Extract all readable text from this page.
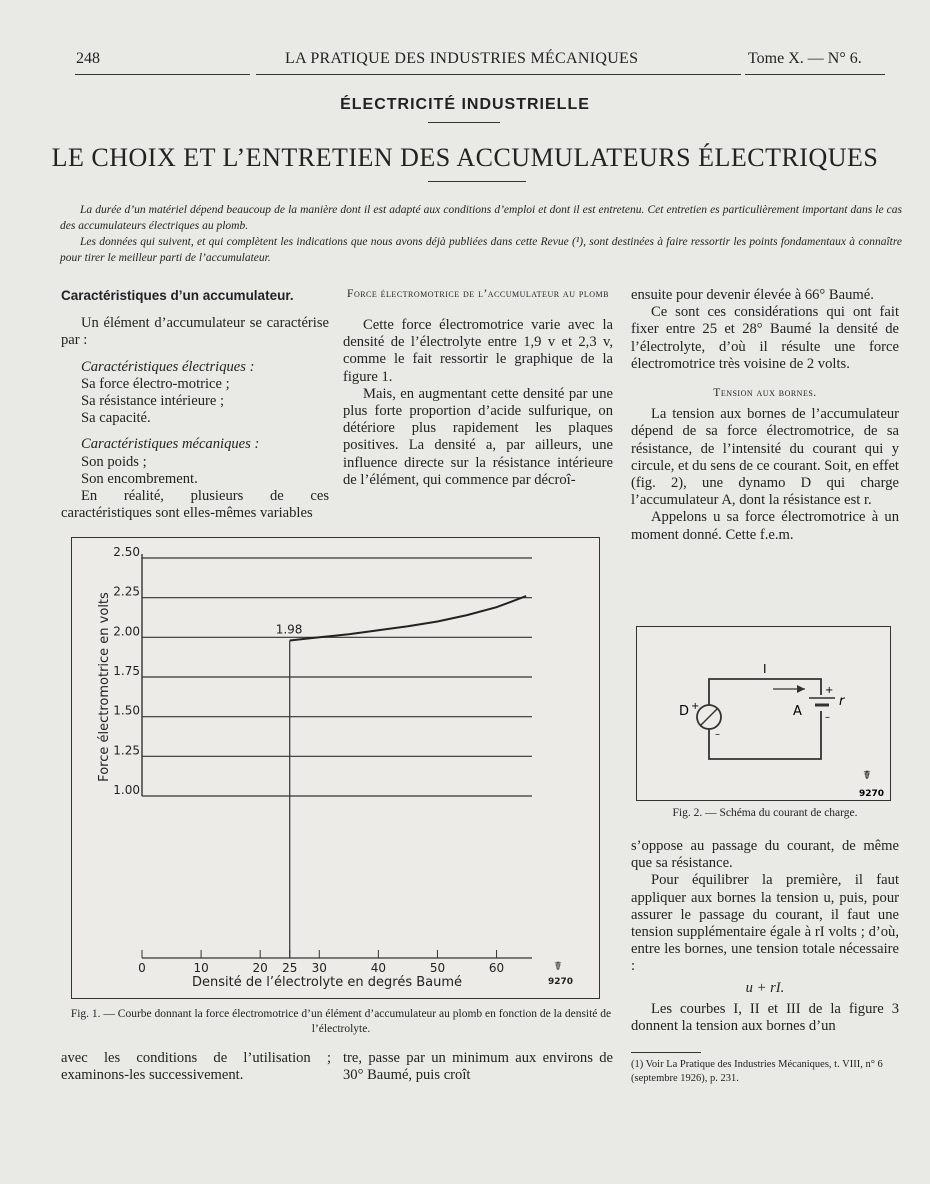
248	LA PRATIQUE DES INDUSTRIES MÉCANIQUES	Tome X. — N° 6.
ÉLECTRICITÉ INDUSTRIELLE
LE CHOIX ET L’ENTRETIEN DES ACCUMULATEURS ÉLECTRIQUES

La durée d’un matériel dépend beaucoup de la manière dont il est adapté aux conditions d’emploi et dont il est entretenu. Cet entretien es particulièrement important dans le cas des accumulateurs électriques au plomb.

Les données qui suivent, et qui complètent les indications que nous avons déjà publiées dans cette Revue (¹), sont destinées à faire ressortir les points fondamentaux à connaître pour tirer le meilleur parti de l’accumulateur.

Caractéristiques d’un accumulateur.

Un élément d’accumulateur se caractérise par :

Caractéristiques électriques :

Sa force électro-motrice ;

Sa résistance intérieure ;

Sa capacité.

Caractéristiques mécaniques :

Son poids ;

Son encombrement.

En réalité, plusieurs de ces caractéristiques sont elles-mêmes variables

Force électromotrice de l’accumulateur au plomb

Cette force électromotrice varie avec la densité de l’électrolyte entre 1,9 v et 2,3 v, comme le fait ressortir le graphique de la figure 1.

Mais, en augmentant cette densité par une plus forte proportion d’acide sulfurique, on détériore plus rapidement les plaques positives. La densité a, par ailleurs, une influence directe sur la résistance intérieure de l’élément, qui commence par décroî-

1.00
1.25
1.50
1.75
2.00
2.25
2.50
0	10	20 25 30	40	50	60
1.98
Densité de l’électrolyte en degrés Baumé
Force électromotrice en volts
☤
9270
Fig. 1. — Courbe donnant la force électromotrice d’un élément d’accumulateur au plomb en fonction de la densité de l’électrolyte.

avec les conditions de l’utilisation ; examinons-les successivement.

tre, passe par un minimum aux environs de 30° Baumé, puis croît

ensuite pour devenir élevée à 66° Baumé.

Ce sont ces considérations qui ont fait fixer entre 25 et 28° Baumé la densité de l’électrolyte, d’où il résulte une force électromotrice très voisine de 2 volts.

Tension aux bornes.

La tension aux bornes de l’accumulateur dépend de sa force électromotrice, de sa résistance, de l’intensité du courant qui y circule, et du sens de ce courant. Soit, en effet (fig. 2), une dynamo D qui charge l’accumulateur A, dont la résistance est r.

Appelons u sa force électromotrice à un moment donné. Cette f.e.m.

I
D +
–
+
–
A
r
☤
9270
Fig. 2. — Schéma du courant de charge.

s’oppose au passage du courant, de même que sa résistance.

Pour équilibrer la première, il faut appliquer aux bornes la tension u, puis, pour assurer le passage du courant, il faut une tension supplémentaire égale à rI volts ; d’où, entre les bornes, une tension totale nécessaire :

u + rI.

Les courbes I, II et III de la figure 3 donnent la tension aux bornes d’un

(1) Voir La Pratique des Industries Mécaniques, t. VIII, n° 6 (septembre 1926), p. 231.
